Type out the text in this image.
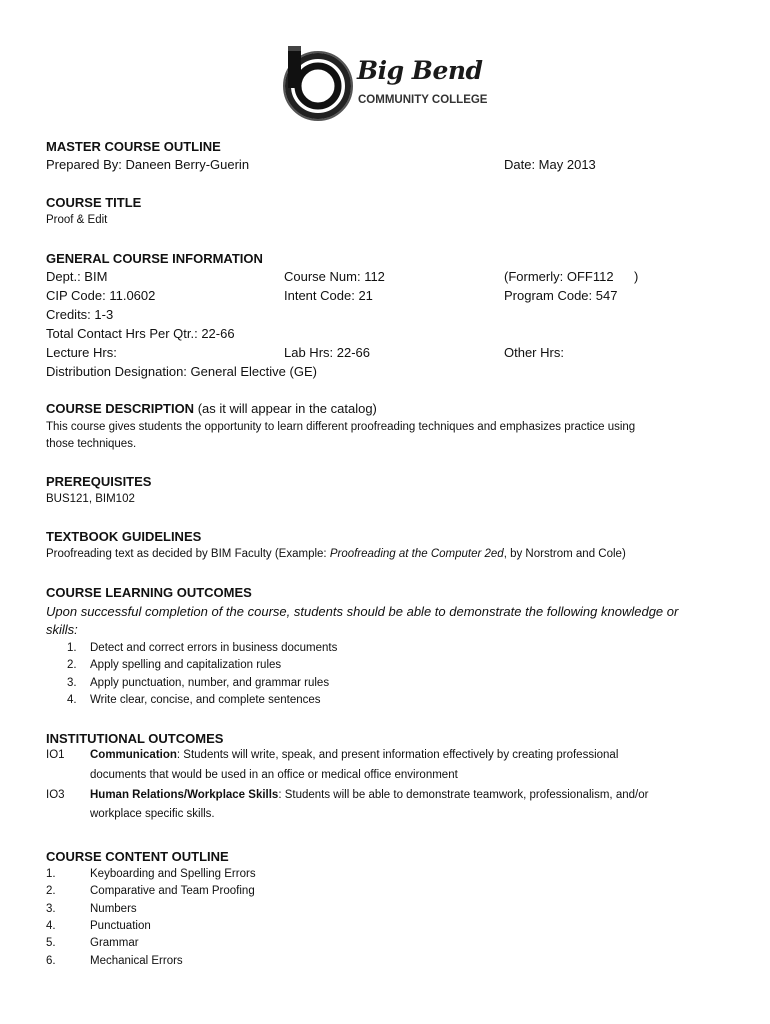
Big Bend
COMMUNITY COLLEGE
MASTER COURSE OUTLINE
Prepared By: Daneen Berry-Guerin	Date: May 2013
COURSE TITLE
Proof & Edit
GENERAL COURSE INFORMATION
Dept.: BIM	Course Num: 112	(Formerly: OFF112 )
CIP Code: 11.0602	Intent Code: 21	Program Code: 547
Credits: 1-3
Total Contact Hrs Per Qtr.: 22-66
Lecture Hrs:	Lab Hrs: 22-66	Other Hrs:
Distribution Designation: General Elective (GE)
COURSE DESCRIPTION (as it will appear in the catalog)
This course gives students the opportunity to learn different proofreading techniques and emphasizes practice using
those techniques.
PREREQUISITES
BUS121, BIM102
TEXTBOOK GUIDELINES
Proofreading text as decided by BIM Faculty (Example: Proofreading at the Computer 2ed, by Norstrom and Cole)
COURSE LEARNING OUTCOMES
Upon successful completion of the course, students should be able to demonstrate the following knowledge or
skills:
1. Detect and correct errors in business documents
2. Apply spelling and capitalization rules
3. Apply punctuation, number, and grammar rules
4. Write clear, concise, and complete sentences
INSTITUTIONAL OUTCOMES
IO1 Communication: Students will write, speak, and present information effectively by creating professional
documents that would be used in an office or medical office environment
IO3 Human Relations/Workplace Skills: Students will be able to demonstrate teamwork, professionalism, and/or
workplace specific skills.
COURSE CONTENT OUTLINE
1.	Keyboarding and Spelling Errors
2.	Comparative and Team Proofing
3.	Numbers
4.	Punctuation
5.	Grammar
6.	Mechanical Errors
